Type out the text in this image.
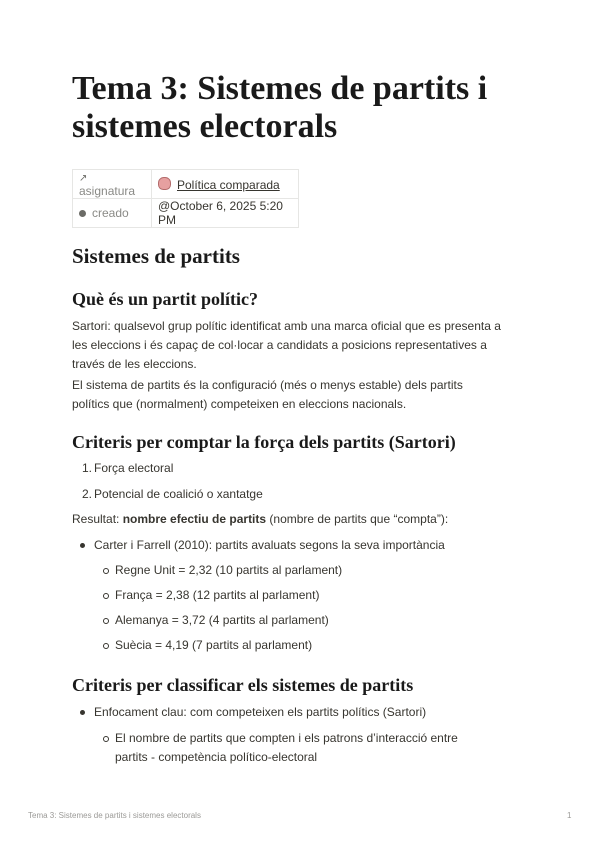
Tema 3: Sistemes de partits i sistemes electorals
↗asignatura	Política comparada
creado	@October 6, 2025 5:20 PM
Sistemes de partits
Què és un partit polític?

Sartori: qualsevol grup polític identificat amb una marca oficial que es presenta a les eleccions i és capaç de col·locar a candidats a posicions representatives a través de les eleccions.

El sistema de partits és la configuració (més o menys estable) dels partits polítics que (normalment) competeixen en eleccions nacionals.

Criteris per comptar la força dels partits (Sartori)
1. Força electoral
2. Potencial de coalició o xantatge

Resultat: nombre efectiu de partits (nombre de partits que “compta”):

Carter i Farrell (2010): partits avaluats segons la seva importància
Regne Unit = 2,32 (10 partits al parlament)
França = 2,38 (12 partits al parlament)
Alemanya = 3,72 (4 partits al parlament)
Suècia = 4,19 (7 partits al parlament)
Criteris per classificar els sistemes de partits
Enfocament clau: com competeixen els partits polítics (Sartori)
El nombre de partits que compten i els patrons d’interacció entre partits - competència político-electoral
Tema 3: Sistemes de partits i sistemes electorals	1
